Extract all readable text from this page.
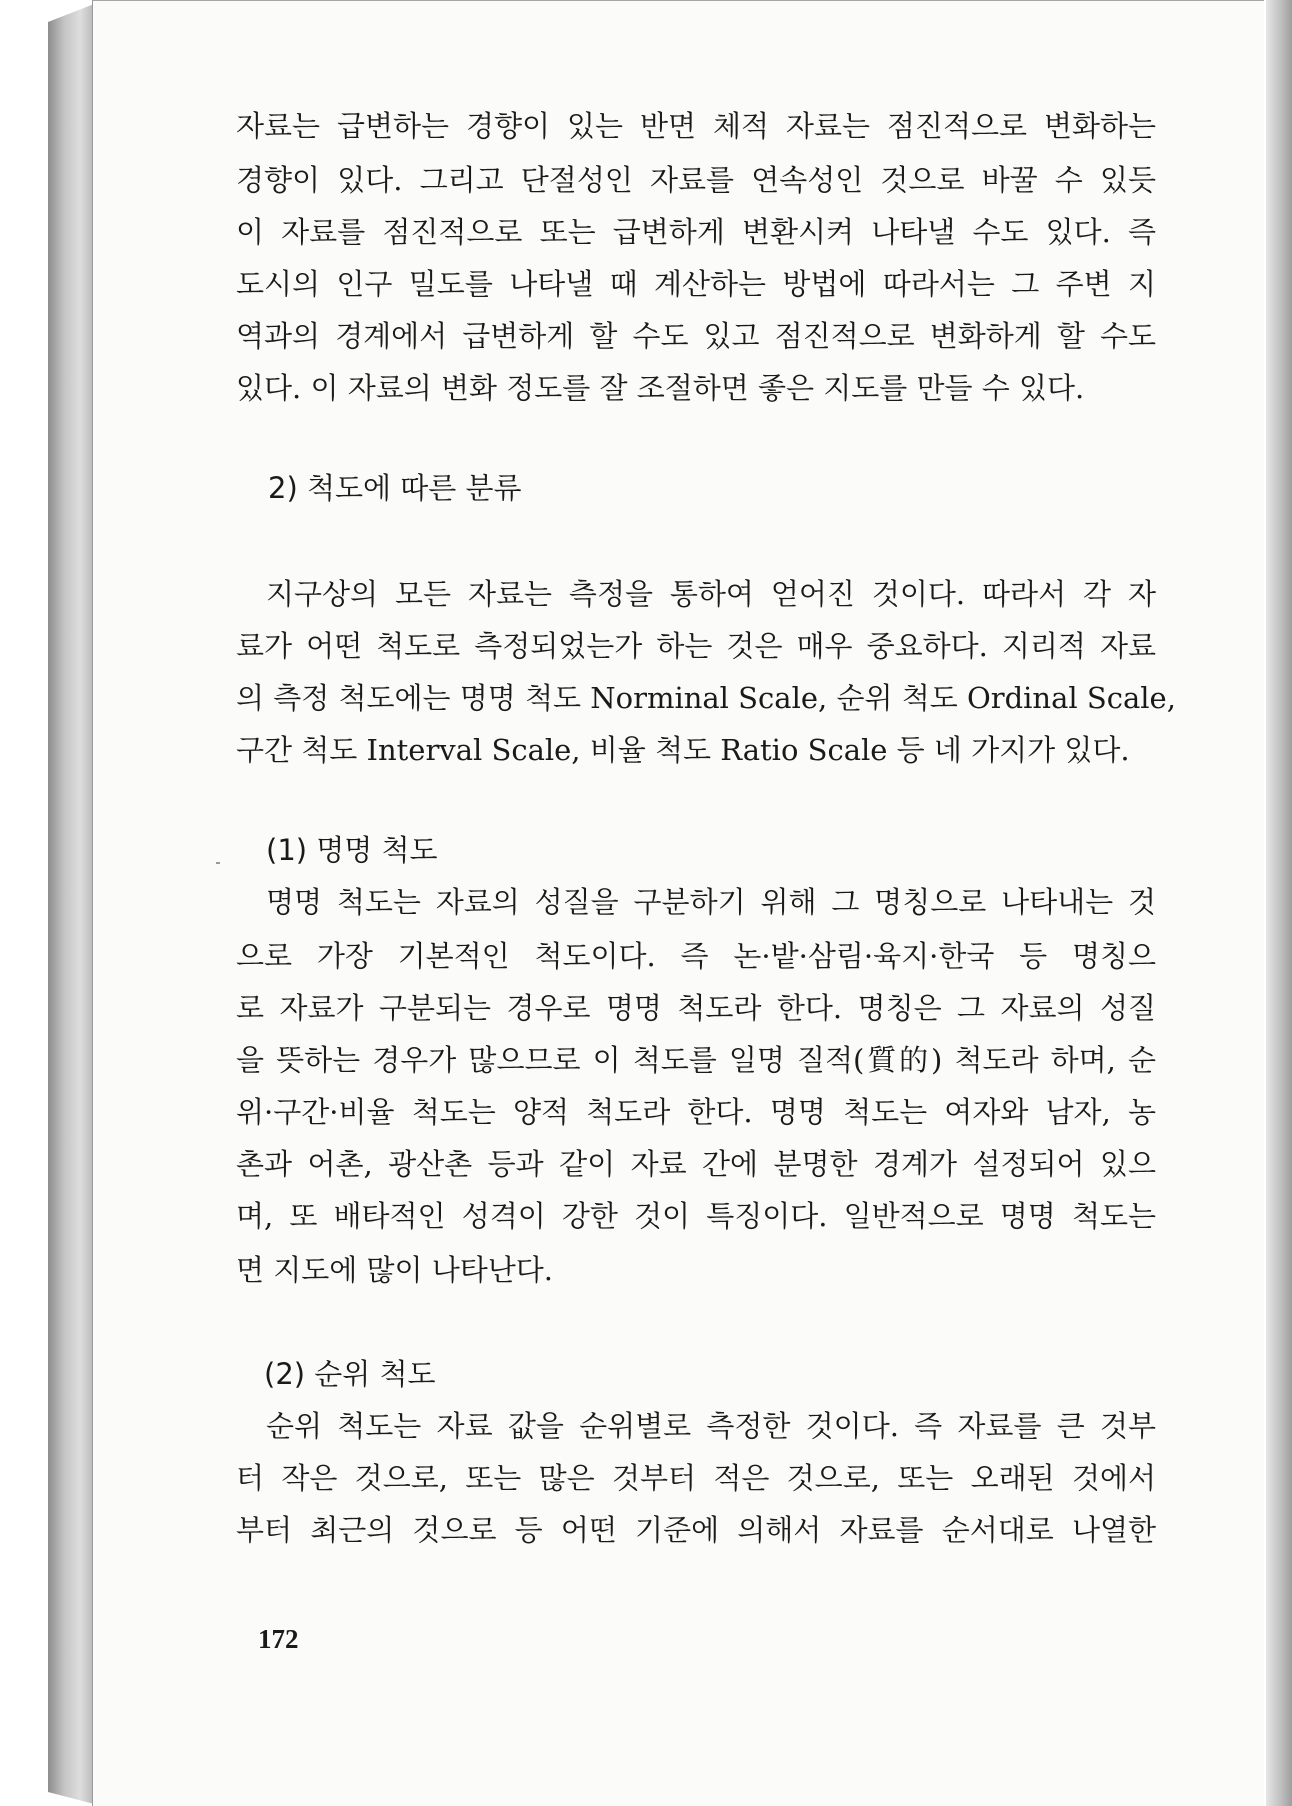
자료는 급변하는 경향이 있는 반면 체적 자료는 점진적으로 변화하는

경향이 있다. 그리고 단절성인 자료를 연속성인 것으로 바꿀 수 있듯

이 자료를 점진적으로 또는 급변하게 변환시켜 나타낼 수도 있다. 즉

도시의 인구 밀도를 나타낼 때 계산하는 방법에 따라서는 그 주변 지

역과의 경계에서 급변하게 할 수도 있고 점진적으로 변화하게 할 수도

있다. 이 자료의 변화 정도를 잘 조절하면 좋은 지도를 만들 수 있다.

2) 척도에 따른 분류

지구상의 모든 자료는 측정을 통하여 얻어진 것이다. 따라서 각 자

료가 어떤 척도로 측정되었는가 하는 것은 매우 중요하다. 지리적 자료

의 측정 척도에는 명명 척도 Norminal Scale, 순위 척도 Ordinal Scale,

구간 척도 Interval Scale, 비율 척도 Ratio Scale 등 네 가지가 있다.

(1) 명명 척도

명명 척도는 자료의 성질을 구분하기 위해 그 명칭으로 나타내는 것

으로 가장 기본적인 척도이다. 즉 논·밭·삼림·육지·한국 등 명칭으

로 자료가 구분되는 경우로 명명 척도라 한다. 명칭은 그 자료의 성질

을 뜻하는 경우가 많으므로 이 척도를 일명 질적(質的) 척도라 하며, 순

위·구간·비율 척도는 양적 척도라 한다. 명명 척도는 여자와 남자, 농

촌과 어촌, 광산촌 등과 같이 자료 간에 분명한 경계가 설정되어 있으

며, 또 배타적인 성격이 강한 것이 특징이다. 일반적으로 명명 척도는

면 지도에 많이 나타난다.

(2) 순위 척도

순위 척도는 자료 값을 순위별로 측정한 것이다. 즉 자료를 큰 것부

터 작은 것으로, 또는 많은 것부터 적은 것으로, 또는 오래된 것에서

부터 최근의 것으로 등 어떤 기준에 의해서 자료를 순서대로 나열한

172
